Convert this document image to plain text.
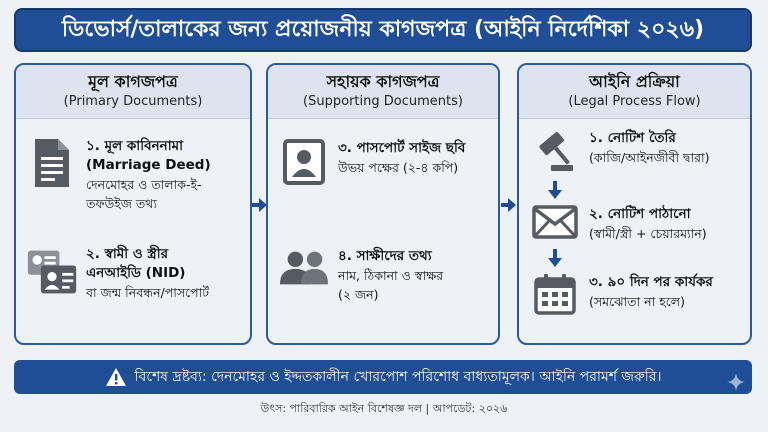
ডিভোর্স/তালাকের জন্য প্রয়োজনীয় কাগজপত্র (আইনি নির্দেশিকা ২০২৬)
মূল কাগজপত্র
(Primary Documents)
১. মূল কাবিননামা
(Marriage Deed)
দেনমোহর ও তালাক-ই-
তফউইজ তথ্য
২. স্বামী ও স্ত্রীর
এনআইডি (NID)
বা জন্ম নিবন্ধন/পাসপোর্ট
সহায়ক কাগজপত্র
(Supporting Documents)
৩. পাসপোর্ট সাইজ ছবি
উভয় পক্ষের (২-৪ কপি)
৪. সাক্ষীদের তথ্য
নাম, ঠিকানা ও স্বাক্ষর
(২ জন)
আইনি প্রক্রিয়া
(Legal Process Flow)
১. নোটিশ তৈরি
(কাজি/আইনজীবী দ্বারা)
২. নোটিশ পাঠানো
(স্বামী/স্ত্রী + চেয়ারম্যান)
৩. ৯০ দিন পর কার্যকর
(সমঝোতা না হলে)
বিশেষ দ্রষ্টব্য: দেনমোহর ও ইদ্দতকালীন খোরপোশ পরিশোধ বাধ্যতামূলক। আইনি পরামর্শ জরুরি।
উৎস: পারিবারিক আইন বিশেষজ্ঞ দল | আপডেট: ২০২৬
